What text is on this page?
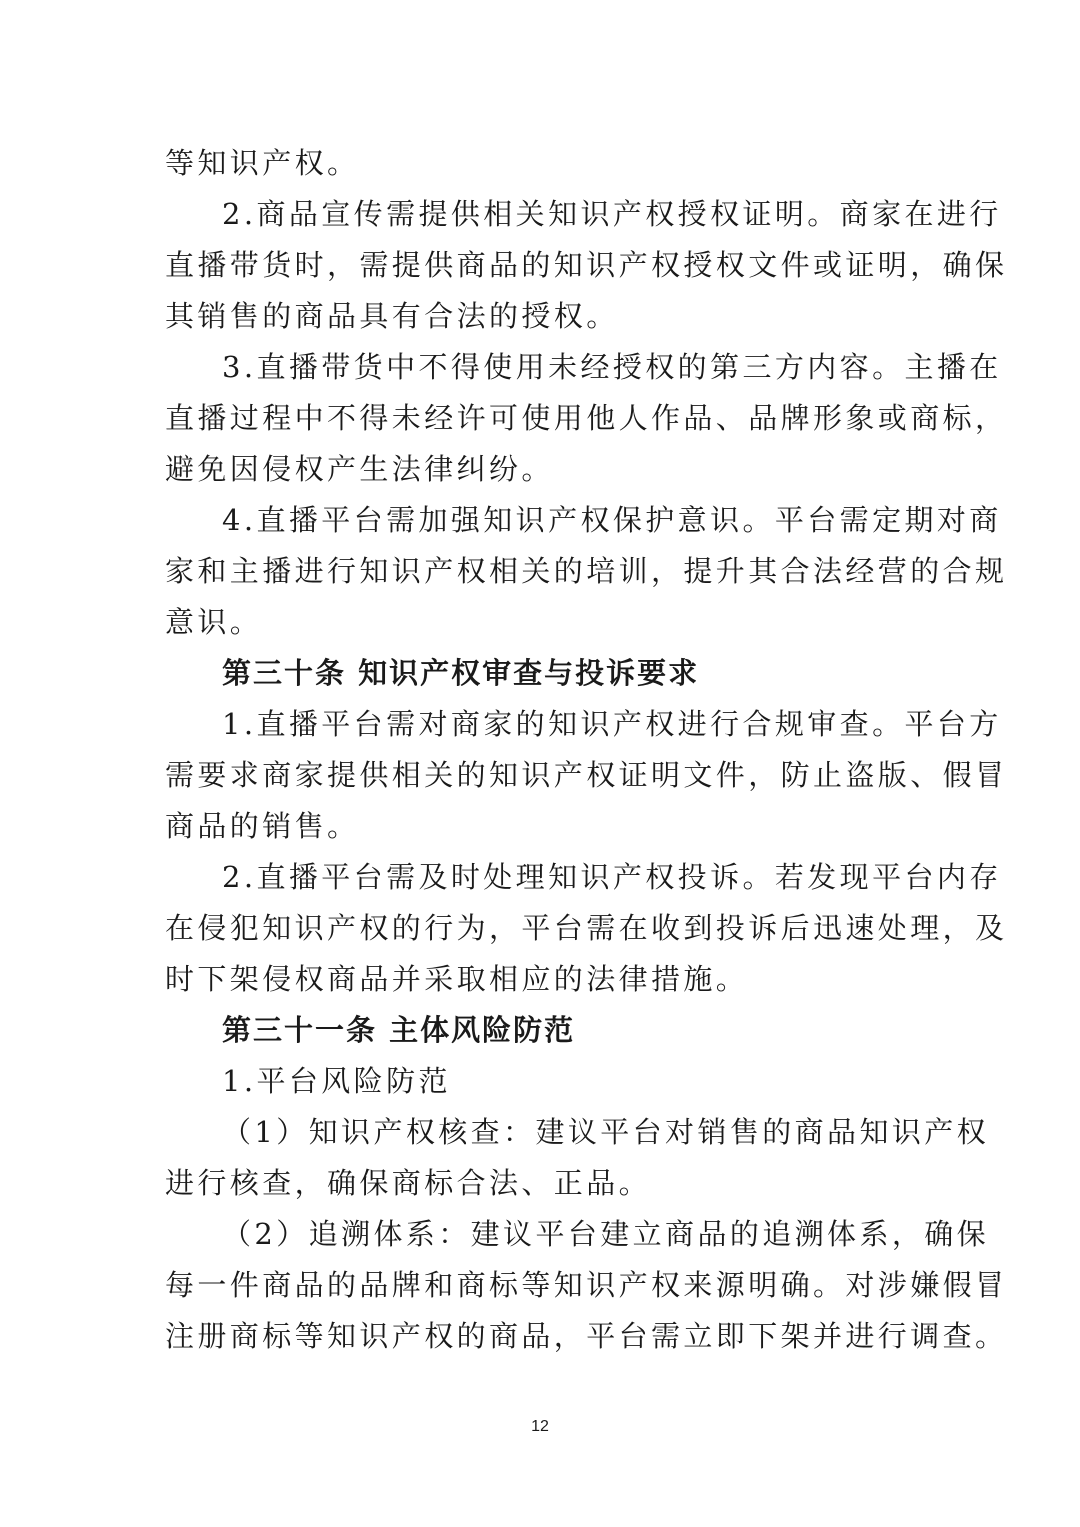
等知识产权。
2.商品宣传需提供相关知识产权授权证明。商家在进行
直播带货时，需提供商品的知识产权授权文件或证明，确保
其销售的商品具有合法的授权。
3.直播带货中不得使用未经授权的第三方内容。主播在
直播过程中不得未经许可使用他人作品、品牌形象或商标，
避免因侵权产生法律纠纷。
4.直播平台需加强知识产权保护意识。平台需定期对商
家和主播进行知识产权相关的培训，提升其合法经营的合规
意识。
第三十条 知识产权审查与投诉要求
1.直播平台需对商家的知识产权进行合规审查。平台方
需要求商家提供相关的知识产权证明文件，防止盗版、假冒
商品的销售。
2.直播平台需及时处理知识产权投诉。若发现平台内存
在侵犯知识产权的行为，平台需在收到投诉后迅速处理，及
时下架侵权商品并采取相应的法律措施。
第三十一条 主体风险防范
1.平台风险防范
（1）知识产权核查：建议平台对销售的商品知识产权
进行核查，确保商标合法、正品。
（2）追溯体系：建议平台建立商品的追溯体系，确保
每一件商品的品牌和商标等知识产权来源明确。对涉嫌假冒
注册商标等知识产权的商品，平台需立即下架并进行调查。
12
